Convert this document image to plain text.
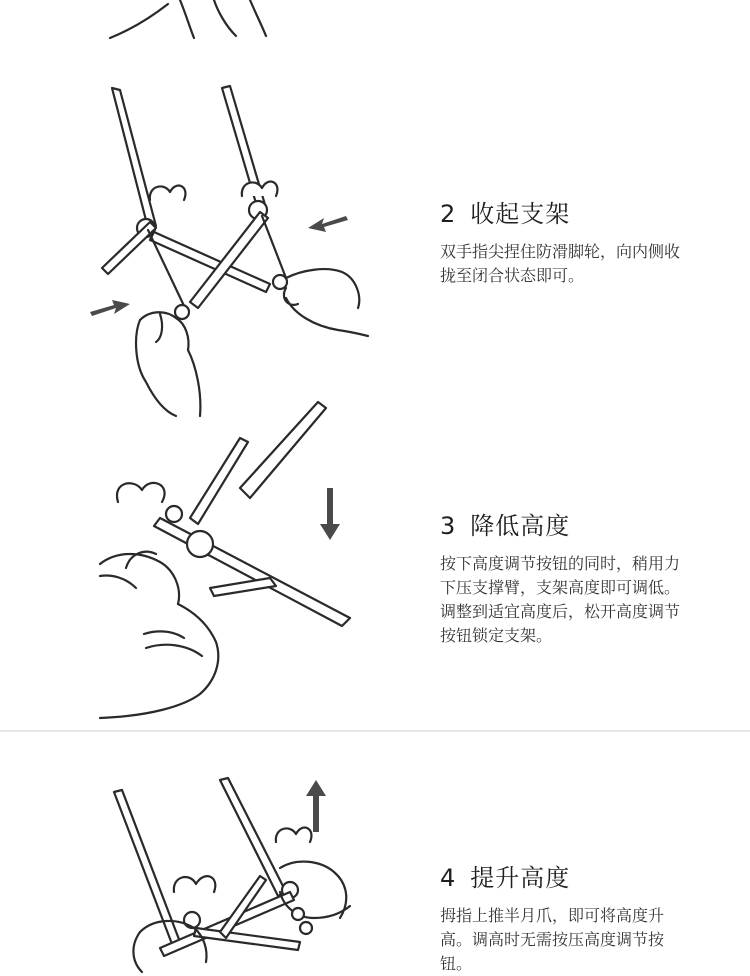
2 收起支架
双手指尖捏住防滑脚轮，向内侧收拢至闭合状态即可。
3 降低高度
按下高度调节按钮的同时，稍用力下压支撑臂，支架高度即可调低。调整到适宜高度后，松开高度调节按钮锁定支架。
4 提升高度
拇指上推半月爪，即可将高度升高。调高时无需按压高度调节按钮。
